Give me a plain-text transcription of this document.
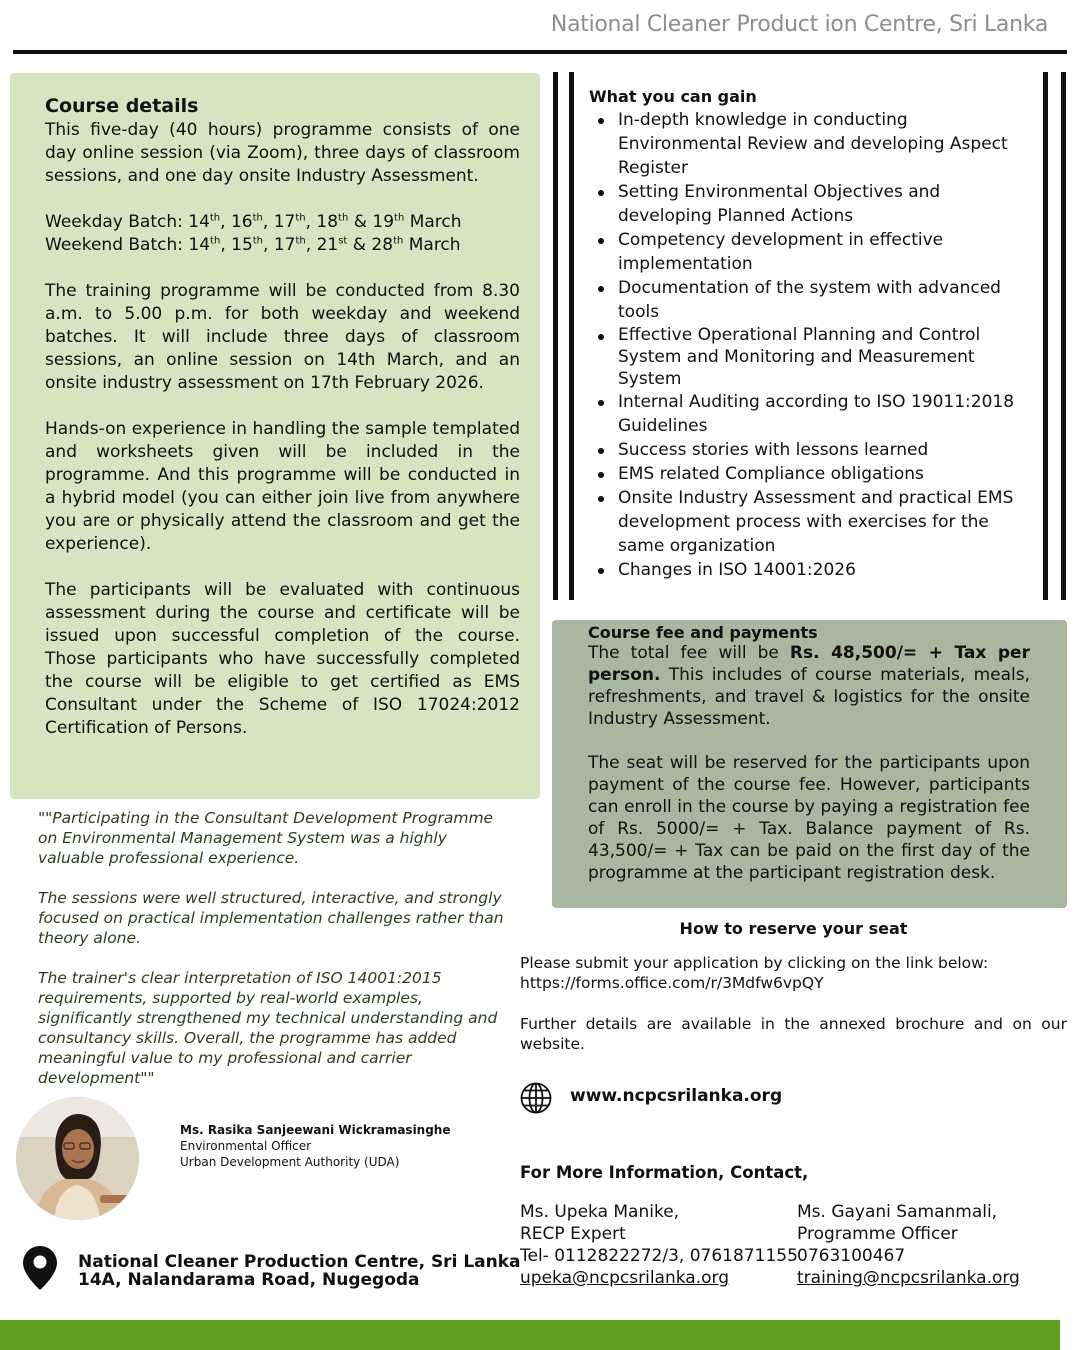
National Cleaner Product ion Centre, Sri Lanka
Course details

This five-day (40 hours) programme consists of one day online session (via Zoom), three days of classroom sessions, and one day onsite Industry Assessment.

Weekday Batch: 14th, 16th, 17th, 18th & 19th March

Weekend Batch: 14th, 15th, 17th, 21st & 28th March

The training programme will be conducted from 8.30 a.m. to 5.00 p.m. for both weekday and weekend batches. It will include three days of classroom sessions, an online session on 14th March, and an onsite industry assessment on 17th February 2026.

Hands-on experience in handling the sample templated and worksheets given will be included in the programme. And this programme will be conducted in a hybrid model (you can either join live from anywhere you are or physically attend the classroom and get the experience).

The participants will be evaluated with continuous assessment during the course and certificate will be issued upon successful completion of the course. Those participants who have successfully completed the course will be eligible to get certified as EMS Consultant under the Scheme of ISO 17024:2012 Certification of Persons.

What you can gain
In-depth knowledge in conducting Environmental Review and developing Aspect Register
Setting Environmental Objectives and developing Planned Actions
Competency development in effective implementation
Documentation of the system with advanced tools
Effective Operational Planning and Control System and Monitoring and Measurement System
Internal Auditing according to ISO 19011:2018 Guidelines
Success stories with lessons learned
EMS related Compliance obligations
Onsite Industry Assessment and practical EMS development process with exercises for the same organization
Changes in ISO 14001:2026
Course fee and payments

The total fee will be Rs. 48,500/= + Tax per person. This includes of course materials, meals, refreshments, and travel & logistics for the onsite Industry Assessment.

The seat will be reserved for the participants upon payment of the course fee. However, participants can enroll in the course by paying a registration fee of Rs. 5000/= + Tax. Balance payment of Rs. 43,500/= + Tax can be paid on the first day of the programme at the participant registration desk.

""Participating in the Consultant Development Programme on Environmental Management System was a highly valuable professional experience.

The sessions were well structured, interactive, and strongly focused on practical implementation challenges rather than theory alone.

The trainer's clear interpretation of ISO 14001:2015 requirements, supported by real-world examples, significantly strengthened my technical understanding and consultancy skills. Overall, the programme has added meaningful value to my professional and carrier development""

Ms. Rasika Sanjeewani Wickramasinghe
Environmental Officer
Urban Development Authority (UDA)
National Cleaner Production Centre, Sri Lanka
14A, Nalandarama Road, Nugegoda
How to reserve your seat
Please submit your application by clicking on the link below:
https://forms.office.com/r/3Mdfw6vpQY
Further details are available in the annexed brochure and on our website.
www.ncpcsrilanka.org
For More Information, Contact,
Ms. Upeka Manike,
RECP Expert
Tel- 0112822272/3, 0761871155
upeka@ncpcsrilanka.org
Ms. Gayani Samanmali,
Programme Officer
0763100467
training@ncpcsrilanka.org
